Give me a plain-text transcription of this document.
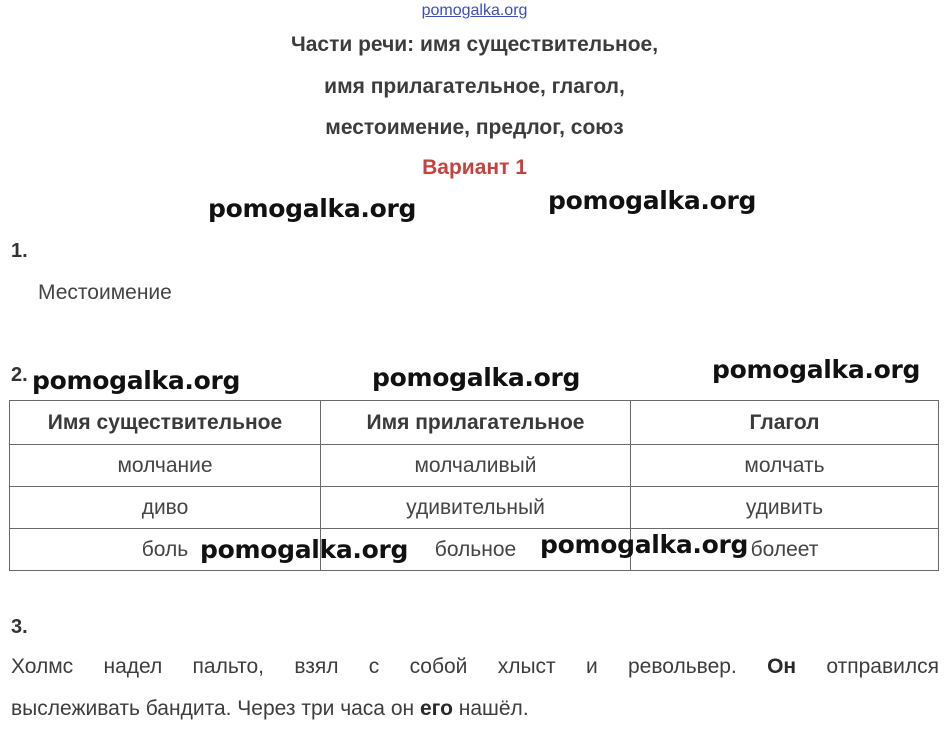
pomogalka.org
Части речи: имя существительное,
имя прилагательное, глагол,
местоимение, предлог, союз
Вариант 1
1.
Местоимение
2.
Имя существительное	Имя прилагательное	Глагол
молчание	молчаливый	молчать
диво	удивительный	удивить
боль	больное	болеет
3.
Холмс надел пальто, взял с собой хлыст и револьвер. Он отправился
выслеживать бандита. Через три часа он его нашёл.
pomogalka.org	pomogalka.org
pomogalka.org	pomogalka.org	pomogalka.org
pomogalka.org	pomogalka.org
